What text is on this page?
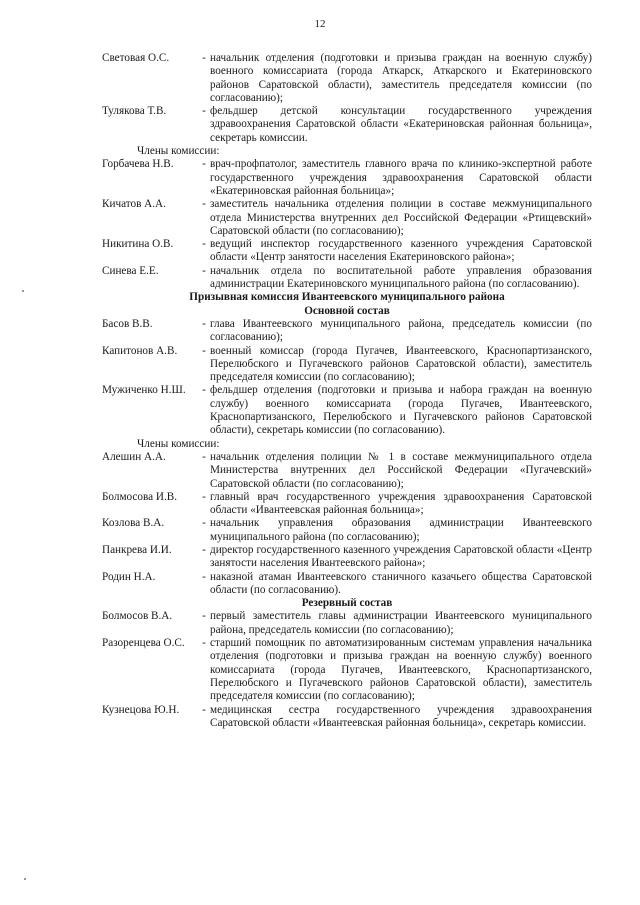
12
Световая О.С.	- начальник отделения (подготовки и призыва граждан на военную службу) военного комиссариата (города Аткарск, Аткарского и Екатериновского районов Саратовской области), заместитель председателя комиссии (по согласованию);
Тулякова Т.В.	- фельдшер детской консультации государственного учреждения здравоохранения Саратовской области «Екатериновская районная больница», секретарь комиссии.
Члены комиссии:
Горбачева Н.В.	- врач-профпатолог, заместитель главного врача по клинико-экспертной работе государственного учреждения здравоохранения Саратовской области «Екатериновская районная больница»;
Кичатов А.А.	- заместитель начальника отделения полиции в составе межмуниципального отдела Министерства внутренних дел Российской Федерации «Ртищевский» Саратовской области (по согласованию);
Никитина О.В.	- ведущий инспектор государственного казенного учреждения Саратовской области «Центр занятости населения Екатериновского района»;
Синева Е.Е.	- начальник отдела по воспитательной работе управления образования администрации Екатериновского муниципального района (по согласованию).
Призывная комиссия Ивантеевского муниципального района
Основной состав
Басов В.В.	- глава Ивантеевского муниципального района, председатель комиссии (по согласованию);
Капитонов А.В.	- военный комиссар (города Пугачев, Ивантеевского, Краснопартизанского, Перелюбского и Пугачевского районов Саратовской области), заместитель председателя комиссии (по согласованию);
Мужиченко Н.Ш.	- фельдшер отделения (подготовки и призыва и набора граждан на военную службу) военного комиссариата (города Пугачев, Ивантеевского, Краснопартизанского, Перелюбского и Пугачевского районов Саратовской области), секретарь комиссии (по согласованию).
Члены комиссии:
Алешин А.А.	- начальник отделения полиции № 1 в составе межмуниципального отдела Министерства внутренних дел Российской Федерации «Пугачевский» Саратовской области (по согласованию);
Болмосова И.В.	- главный врач государственного учреждения здравоохранения Саратовской области «Ивантеевская районная больница»;
Козлова В.А.	- начальник управления образования администрации Ивантеевского муниципального района (по согласованию);
Панкрева И.И.	- директор государственного казенного учреждения Саратовской области «Центр занятости населения Ивантеевского района»;
Родин Н.А.	- наказной атаман Ивантеевского станичного казачьего общества Саратовской области (по согласованию).
Резервный состав
Болмосов В.А.	- первый заместитель главы администрации Ивантеевского муниципального района, председатель комиссии (по согласованию);
Разоренцева О.С.	- старший помощник по автоматизированным системам управления начальника отделения (подготовки и призыва граждан на военную службу) военного комиссариата (города Пугачев, Ивантеевского, Краснопартизанского, Перелюбского и Пугачевского районов Саратовской области), заместитель председателя комиссии (по согласованию);
Кузнецова Ю.Н.	- медицинская сестра государственного учреждения здравоохранения Саратовской области «Ивантеевская районная больница», секретарь комиссии.
